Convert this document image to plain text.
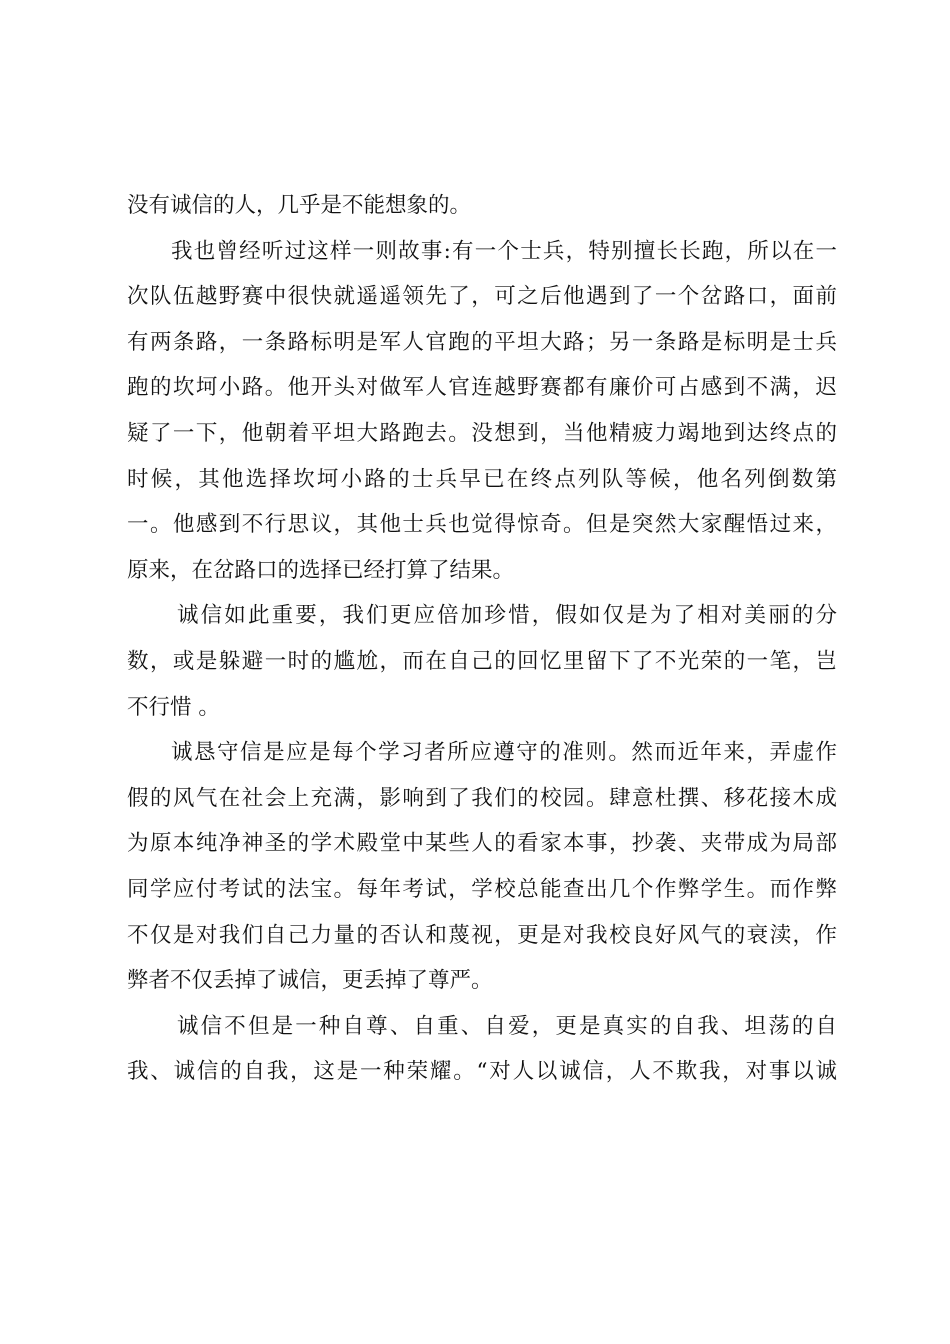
没有诚信的人，几乎是不能想象的。
我也曾经听过这样一则故事:有一个士兵，特别擅长长跑，所以在一
次队伍越野赛中很快就遥遥领先了，可之后他遇到了一个岔路口，面前
有两条路，一条路标明是军人官跑的平坦大路；另一条路是标明是士兵
跑的坎坷小路。他开头对做军人官连越野赛都有廉价可占感到不满，迟
疑了一下，他朝着平坦大路跑去。没想到，当他精疲力竭地到达终点的
时候，其他选择坎坷小路的士兵早已在终点列队等候，他名列倒数第
一。他感到不行思议，其他士兵也觉得惊奇。但是突然大家醒悟过来，
原来，在岔路口的选择已经打算了结果。
诚信如此重要，我们更应倍加珍惜，假如仅是为了相对美丽的分
数，或是躲避一时的尴尬，而在自己的回忆里留下了不光荣的一笔，岂
不行惜 。
诚恳守信是应是每个学习者所应遵守的准则。然而近年来，弄虚作
假的风气在社会上充满，影响到了我们的校园。肆意杜撰、移花接木成
为原本纯净神圣的学术殿堂中某些人的看家本事，抄袭、夹带成为局部
同学应付考试的法宝。每年考试，学校总能查出几个作弊学生。而作弊
不仅是对我们自己力量的否认和蔑视，更是对我校良好风气的衰渎，作
弊者不仅丢掉了诚信，更丢掉了尊严。
诚信不但是一种自尊、自重、自爱，更是真实的自我、坦荡的自
我、诚信的自我，这是一种荣耀。“对人以诚信，人不欺我，对事以诚
